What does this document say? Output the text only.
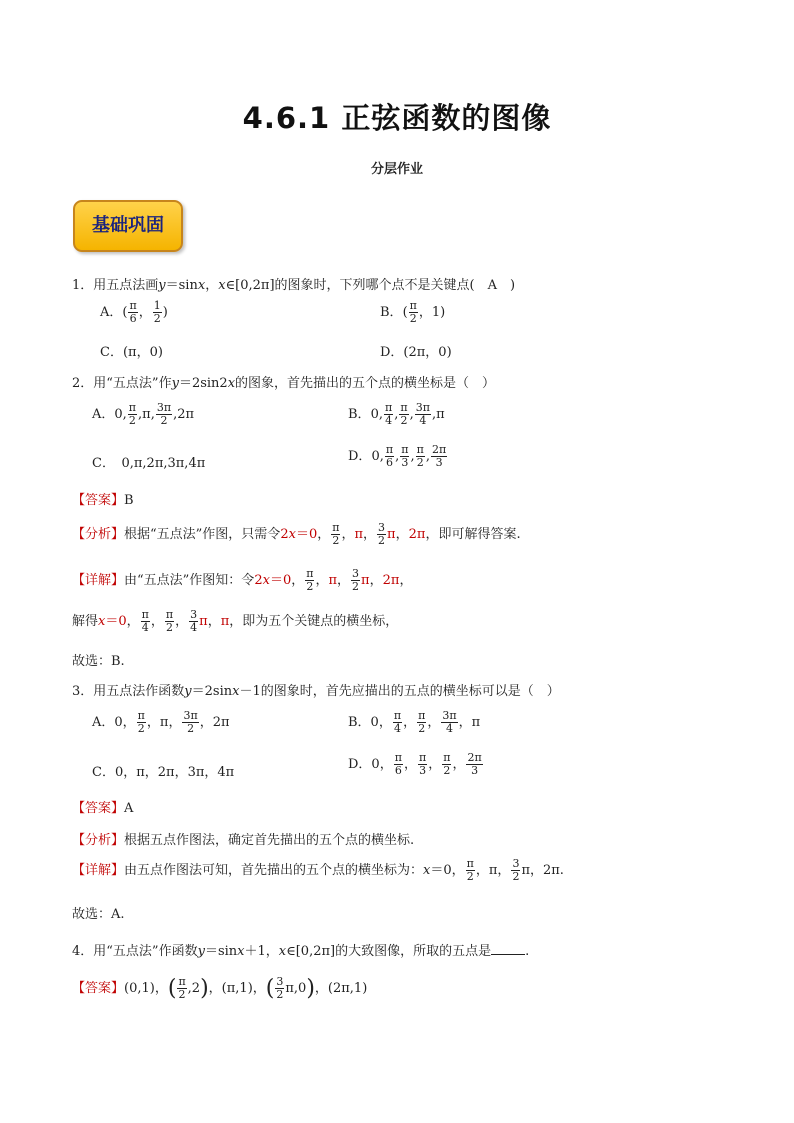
4.6.1 正弦函数的图像
分层作业
基础巩固
1．用五点法画y＝sinx，x∈[0,2π]的图象时，下列哪个点不是关键点(　 A　 )
A．( $\frac{\pi}{6}$ ， $\frac{1}{2}$ )	B．( $\frac{\pi}{2}$ ，1)
C．(π，0)	D．(2π，0)
2．用“五点法”作y＝2sin2x的图象，首先描出的五个点的横坐标是（　）
A．0, $\frac{\pi}{2} ,\pi$, $\frac{3\pi}{2} ,2\pi$	B．0, $\frac{\pi}{4}$ , $\frac{\pi}{2}$ , $\frac{3\pi}{4} ,\pi$
C．　 0,π,2π,3π,4π	D．0, $\frac{\pi}{6}$ , $\frac{\pi}{3}$ , $\frac{\pi}{2}$ , $\frac{2\pi}{3}$
【答案】B
【分析】根据“五点法”作图，只需令2x＝0， $\frac{\pi}{2}$ ，π， $\frac{3}{2}$ π，2π，即可解得答案.
【详解】由“五点法”作图知：令2x＝0， $\frac{\pi}{2}$ ，π， $\frac{3}{2}$ π，2π，
解得x＝0， $\frac{\pi}{4}$ ， $\frac{\pi}{2}$ ， $\frac{3}{4}$ π，π，即为五个关键点的横坐标，
故选：B.
3．用五点法作函数y＝2sinx－1的图象时，首先应描出的五点的横坐标可以是（　）
A．0， $\frac{\pi}{2}$ ，π， $\frac{3\pi}{2}$ ，2π	B．0， $\frac{\pi}{4}$ ， $\frac{\pi}{2}$ ， $\frac{3\pi}{4}$ ，π
C．0，π，2π，3π，4π
D．0， $\frac{\pi}{6}$ ， $\frac{\pi}{3}$ ， $\frac{\pi}{2}$ ， $\frac{2\pi}{3}$
【答案】A
【分析】根据五点作图法，确定首先描出的五个点的横坐标.
【详解】由五点作图法可知，首先描出的五个点的横坐标为：x＝0， $\frac{\pi}{2}$ ，π， $\frac{3}{2}$ π，2π.
故选：A.
4．用“五点法”作函数y＝sinx＋1，x∈[0,2π]的大致图像，所取的五点是	.
【答案】(0,1)，( $\frac{\pi}{2} ,2$)，(π,1)，( $\frac{3}{2} \pi,0$)，(2π,1)
